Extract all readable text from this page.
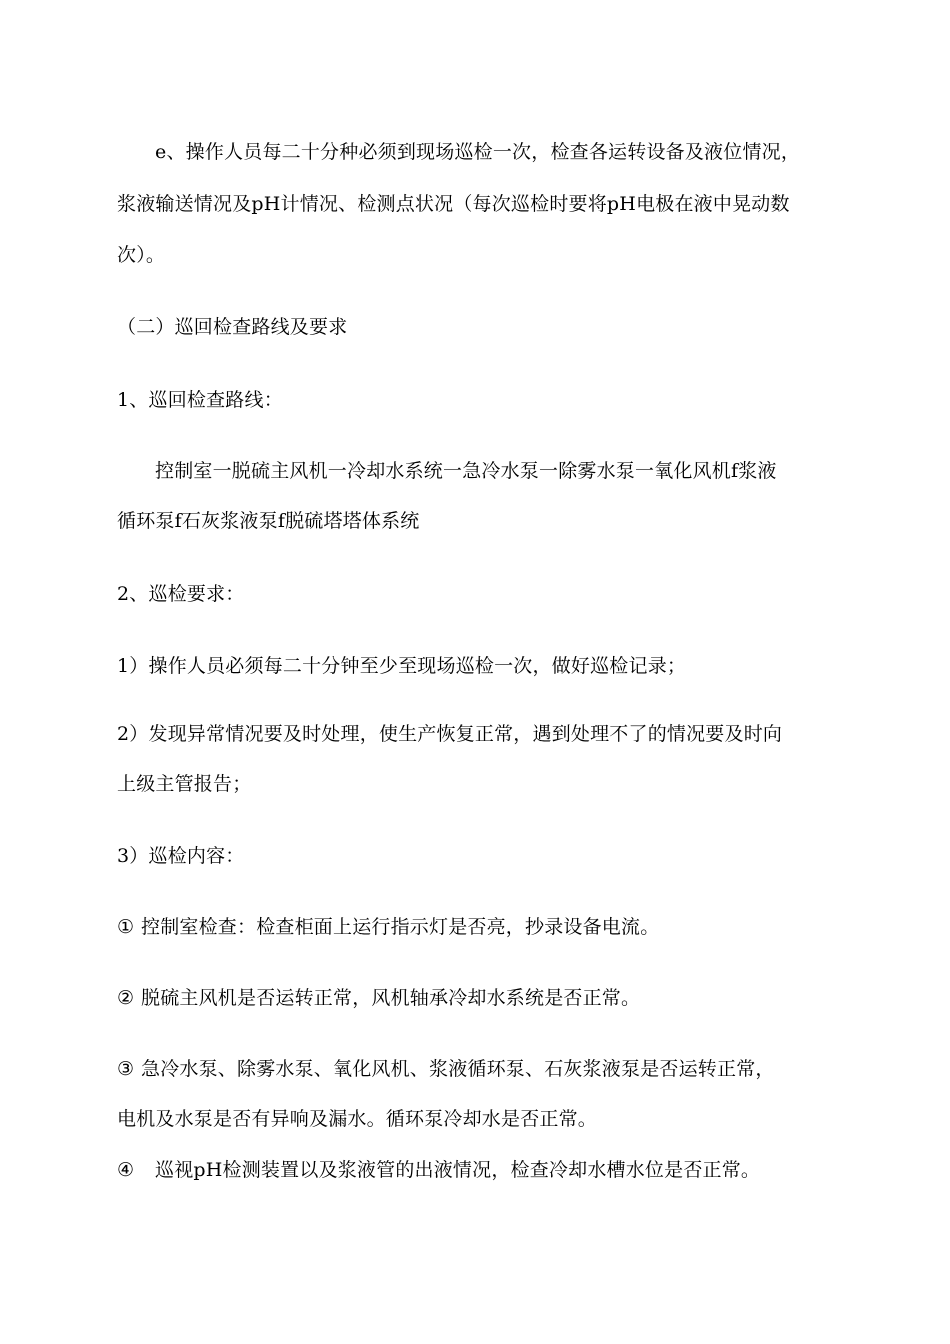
e、操作人员每二十分种必须到现场巡检一次，检查各运转设备及液位情况，
浆液输送情况及pH计情况、检测点状况（每次巡检时要将pH电极在液中晃动数
次）。
（二）巡回检查路线及要求
1、巡回检查路线：
控制室一脱硫主风机一冷却水系统一急冷水泵一除雾水泵一氧化风机f浆液
循环泵f石灰浆液泵f脱硫塔塔体系统
2、巡检要求：
1）操作人员必须每二十分钟至少至现场巡检一次，做好巡检记录；
2）发现异常情况要及时处理，使生产恢复正常，遇到处理不了的情况要及时向
上级主管报告；
3）巡检内容：
① 控制室检查：检查柜面上运行指示灯是否亮，抄录设备电流。
② 脱硫主风机是否运转正常，风机轴承冷却水系统是否正常。
③ 急冷水泵、除雾水泵、氧化风机、浆液循环泵、石灰浆液泵是否运转正常，
电机及水泵是否有异响及漏水。循环泵冷却水是否正常。
④ 巡视pH检测装置以及浆液管的出液情况，检查冷却水槽水位是否正常。
